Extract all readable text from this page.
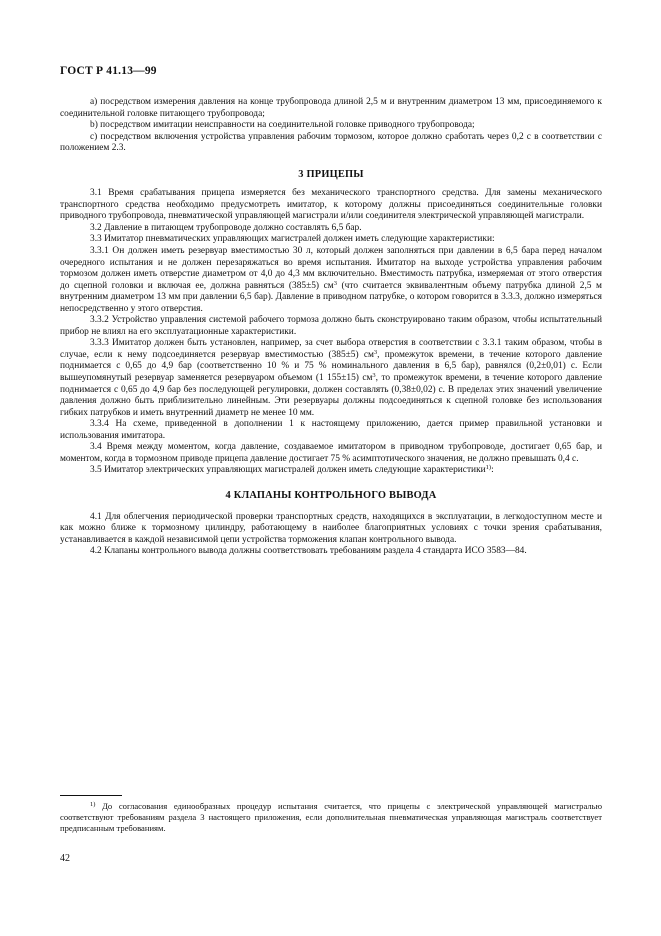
ГОСТ Р 41.13—99

a) посредством измерения давления на конце трубопровода длиной 2,5 м и внутренним диаметром 13 мм, присоединяемого к соединительной головке питающего трубопровода;

b) посредством имитации неисправности на соединительной головке приводного трубопровода;

c) посредством включения устройства управления рабочим тормозом, которое должно сработать через 0,2 с в соответствии с положением 2.3.

3 ПРИЦЕПЫ

3.1 Время срабатывания прицепа измеряется без механического транспортного средства. Для замены механического транспортного средства необходимо предусмотреть имитатор, к которому должны присоединяться соединительные головки приводного трубопровода, пневматической управляющей магистрали и/или соединителя электрической управляющей магистрали.

3.2 Давление в питающем трубопроводе должно составлять 6,5 бар.

3.3 Имитатор пневматических управляющих магистралей должен иметь следующие характеристики:

3.3.1 Он должен иметь резервуар вместимостью 30 л, который должен заполняться при давлении в 6,5 бара перед началом очередного испытания и не должен перезаряжаться во время испытания. Имитатор на выходе устройства управления рабочим тормозом должен иметь отверстие диаметром от 4,0 до 4,3 мм включительно. Вместимость патрубка, измеряемая от этого отверстия до сцепной головки и включая ее, должна равняться (385±5) $см^3$ (что считается эквивалентным объему патрубка длиной 2,5 м внутренним диаметром 13 мм при давлении 6,5 бар). Давление в приводном патрубке, о котором говорится в 3.3.3, должно измеряться непосредственно у этого отверстия.

3.3.2 Устройство управления системой рабочего тормоза должно быть сконструировано таким образом, чтобы испытательный прибор не влиял на его эксплуатационные характеристики.

3.3.3 Имитатор должен быть установлен, например, за счет выбора отверстия в соответствии с 3.3.1 таким образом, чтобы в случае, если к нему подсоединяется резервуар вместимостью (385±5) $см^3$, промежуток времени, в течение которого давление поднимается с 0,65 до 4,9 бар (соответственно 10 % и 75 % номинального давления в 6,5 бар), равнялся (0,2±0,01) с. Если вышеупомянутый резервуар заменяется резервуаром объемом (1 155±15) $см^3$, то промежуток времени, в течение которого давление поднимается с 0,65 до 4,9 бар без последующей регулировки, должен составлять (0,38±0,02) с. В пределах этих значений увеличение давления должно быть приблизительно линейным. Эти резервуары должны подсоединяться к сцепной головке без использования гибких патрубков и иметь внутренний диаметр не менее 10 мм.

3.3.4 На схеме, приведенной в дополнении 1 к настоящему приложению, дается пример правильной установки и использования имитатора.

3.4 Время между моментом, когда давление, создаваемое имитатором в приводном трубопроводе, достигает 0,65 бар, и моментом, когда в тормозном приводе прицепа давление достигает 75 % асимптотического значения, не должно превышать 0,4 с.

3.5 Имитатор электрических управляющих магистралей должен иметь следующие характеристики$^{1)}$:

4 КЛАПАНЫ КОНТРОЛЬНОГО ВЫВОДА

4.1 Для облегчения периодической проверки транспортных средств, находящихся в эксплуатации, в легкодоступном месте и как можно ближе к тормозному цилиндру, работающему в наиболее благоприятных условиях с точки зрения срабатывания, устанавливается в каждой независимой цепи устройства торможения клапан контрольного вывода.

4.2 Клапаны контрольного вывода должны соответствовать требованиям раздела 4 стандарта ИСО 3583—84.

$^{1)}$ До согласования единообразных процедур испытания считается, что прицепы с электрической управляющей магистралью соответствуют требованиям раздела 3 настоящего приложения, если дополнительная пневматическая управляющая магистраль соответствует предписанным требованиям.

42
